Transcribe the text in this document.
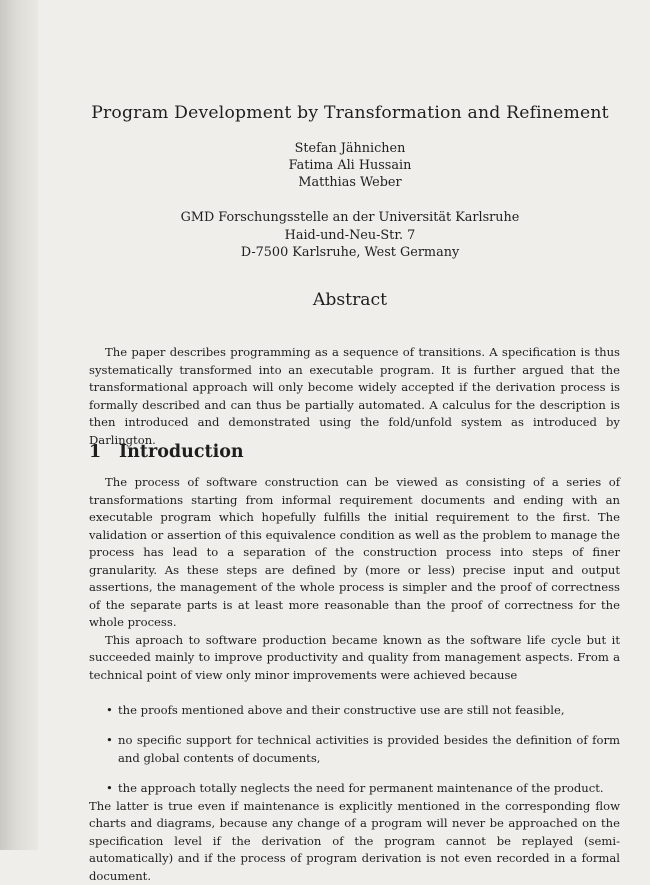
Program Development by Transformation and Refinement
Stefan Jähnichen
Fatima Ali Hussain
Matthias Weber
GMD Forschungsstelle an der Universität Karlsruhe
Haid-und-Neu-Str. 7
D-7500 Karlsruhe, West Germany
Abstract
The paper describes programming as a sequence of transitions. A specification is thus systematically transformed into an executable program. It is further argued that the transformational approach will only become widely accepted if the derivation process is formally described and can thus be partially automated. A calculus for the description is then introduced and demonstrated using the fold/unfold system as introduced by Darlington.
1 Introduction

The process of software construction can be viewed as consisting of a series of transformations starting from informal requirement documents and ending with an executable program which hopefully fulfills the initial requirement to the first. The validation or assertion of this equivalence condition as well as the problem to manage the process has lead to a separation of the construction process into steps of finer granularity. As these steps are defined by (more or less) precise input and output assertions, the management of the whole process is simpler and the proof of correctness of the separate parts is at least more reasonable than the proof of correctness for the whole process.

This aproach to software production became known as the software life cycle but it succeeded mainly to improve productivity and quality from management aspects. From a technical point of view only minor improvements were achieved because

• the proofs mentioned above and their constructive use are still not feasible,
• no specific support for technical activities is provided besides the definition of form and global contents of documents,
• the approach totally neglects the need for permanent maintenance of the product.

The latter is true even if maintenance is explicitly mentioned in the corresponding flow charts and diagrams, because any change of a program will never be approached on the specification level if the derivation of the program cannot be replayed (semi-automatically) and if the process of program derivation is not even recorded in a formal document.
